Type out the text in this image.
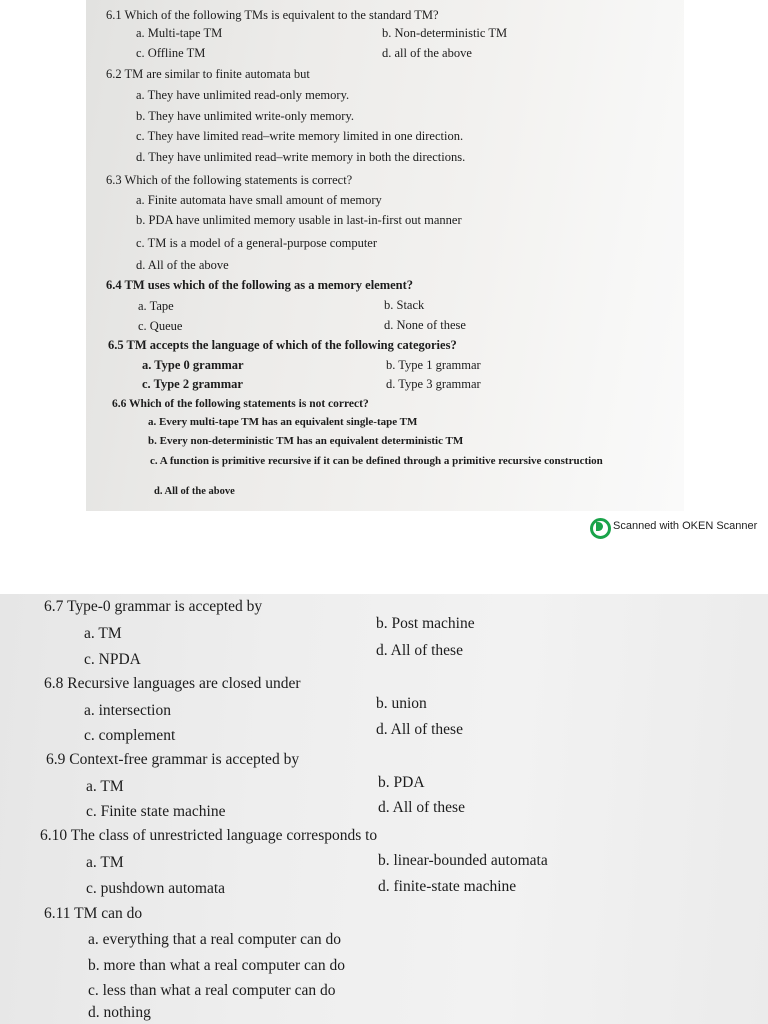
6.1 Which of the following TMs is equivalent to the standard TM?
a. Multi-tape TM	b. Non-deterministic TM
c. Offline TM	d. all of the above
6.2 TM are similar to finite automata but
a. They have unlimited read-only memory.
b. They have unlimited write-only memory.
c. They have limited read–write memory limited in one direction.
d. They have unlimited read–write memory in both the directions.
6.3 Which of the following statements is correct?
a. Finite automata have small amount of memory
b. PDA have unlimited memory usable in last-in-first out manner
c. TM is a model of a general-purpose computer
d. All of the above
6.4 TM uses which of the following as a memory element?
a. Tape	b. Stack
c. Queue	d. None of these
6.5 TM accepts the language of which of the following categories?
a. Type 0 grammar	b. Type 1 grammar
c. Type 2 grammar	d. Type 3 grammar
6.6 Which of the following statements is not correct?
a. Every multi-tape TM has an equivalent single-tape TM
b. Every non-deterministic TM has an equivalent deterministic TM
c. A function is primitive recursive if it can be defined through a primitive recursive construction
d. All of the above
Scanned with OKEN Scanner
6.7 Type-0 grammar is accepted by
a. TM
b. Post machine
c. NPDA
d. All of these
6.8 Recursive languages are closed under
a. intersection	b. union
c. complement	d. All of these
6.9 Context-free grammar is accepted by
a. TM	b. PDA
c. Finite state machine	d. All of these
6.10 The class of unrestricted language corresponds to
a. TM	b. linear-bounded automata
c. pushdown automata	d. finite-state machine
6.11 TM can do
a. everything that a real computer can do
b. more than what a real computer can do
c. less than what a real computer can do
d. nothing
